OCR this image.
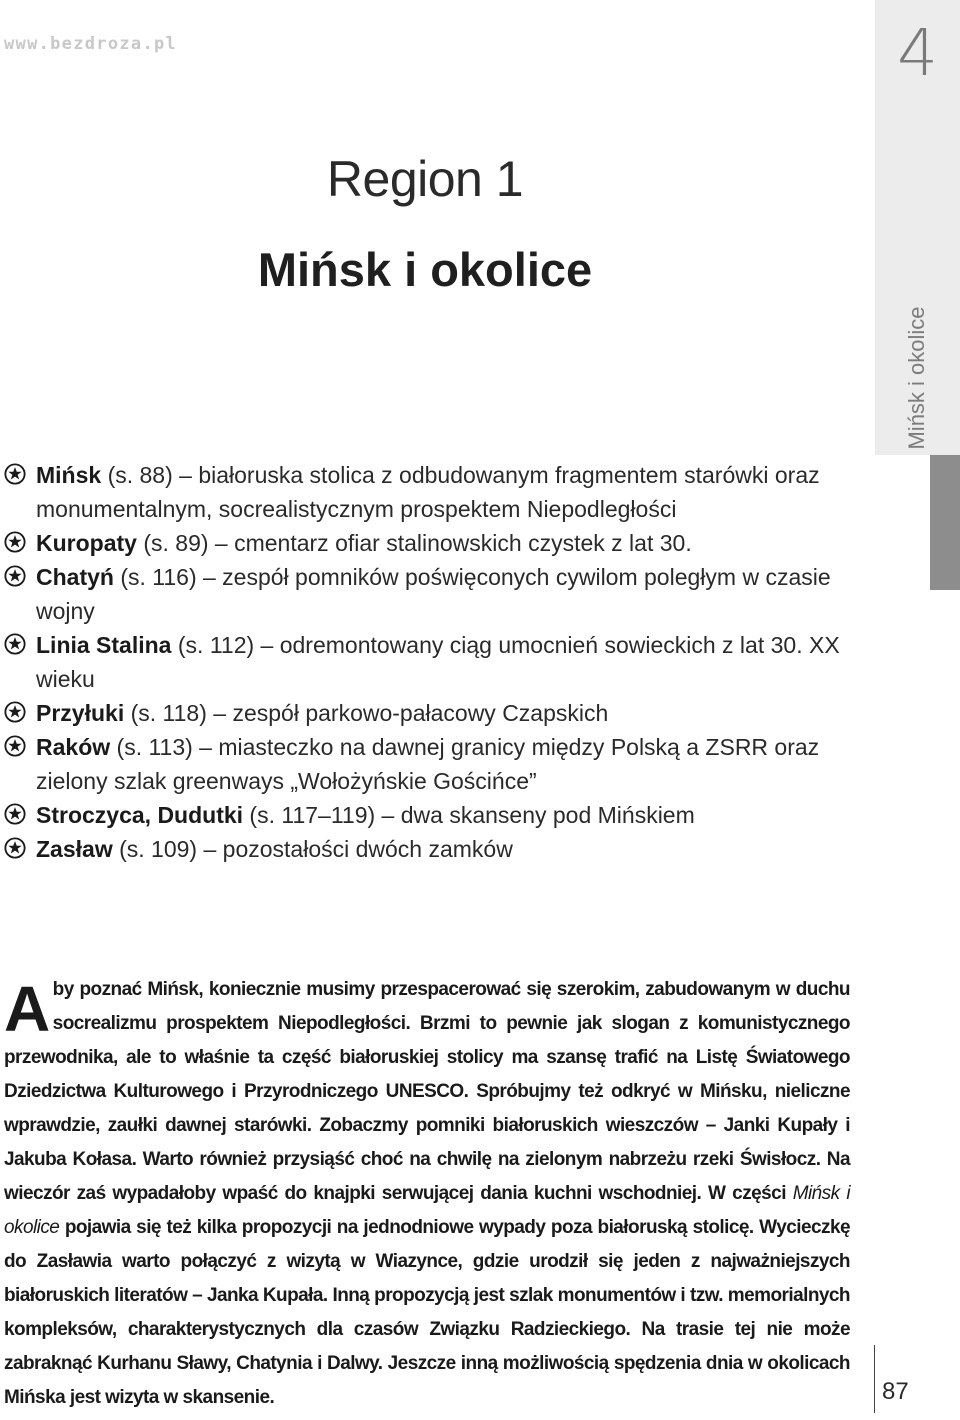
www.bezdroza.pl	4
Mińsk i okolice
Region 1
Mińsk i okolice
Mińsk (s. 88) – białoruska stolica z odbudowanym fragmentem starówki oraz monumentalnym, socrealistycznym prospektem Niepodległości
Kuropaty (s. 89) – cmentarz ofiar stalinowskich czystek z lat 30.
Chatyń (s. 116) – zespół pomników poświęconych cywilom poległym w czasie wojny
Linia Stalina (s. 112) – odremontowany ciąg umocnień sowieckich z lat 30. XX wieku
Przyłuki (s. 118) – zespół parkowo-pałacowy Czapskich
Raków (s. 113) – miasteczko na dawnej granicy między Polską a ZSRR oraz zielony szlak greenways „Wołożyńskie Gościńce”
Stroczyca, Dudutki (s. 117–119) – dwa skanseny pod Mińskiem
Zasław (s. 109) – pozostałości dwóch zamków
Aby poznać Mińsk, koniecznie musimy przespacerować się szerokim, zabudowanym w duchu socrealizmu prospektem Niepodległości. Brzmi to pewnie jak slogan z komunistycznego przewodnika, ale to właśnie ta część białoruskiej stolicy ma szansę trafić na Listę Światowego Dziedzictwa Kulturowego i Przyrodniczego UNESCO. Spróbujmy też odkryć w Mińsku, nieliczne wprawdzie, zaułki dawnej starówki. Zobaczmy pomniki białoruskich wieszczów – Janki Kupały i Jakuba Kołasa. Warto również przysiąść choć na chwilę na zielonym nabrzeżu rzeki Świsłocz. Na wieczór zaś wypadałoby wpaść do knajpki serwującej dania kuchni wschodniej. W części Mińsk i okolice pojawia się też kilka propozycji na jednodniowe wypady poza białoruską stolicę. Wycieczkę do Zasławia warto połączyć z wizytą w Wiazynce, gdzie urodził się jeden z najważniejszych białoruskich literatów – Janka Kupała. Inną propozycją jest szlak monumentów i tzw. memorialnych kompleksów, charakterystycznych dla czasów Związku Radzieckiego. Na trasie tej nie może zabraknąć Kurhanu Sławy, Chatynia i Dalwy. Jeszcze inną możliwością spędzenia dnia w okolicach Mińska jest wizyta w skansenie.	87
